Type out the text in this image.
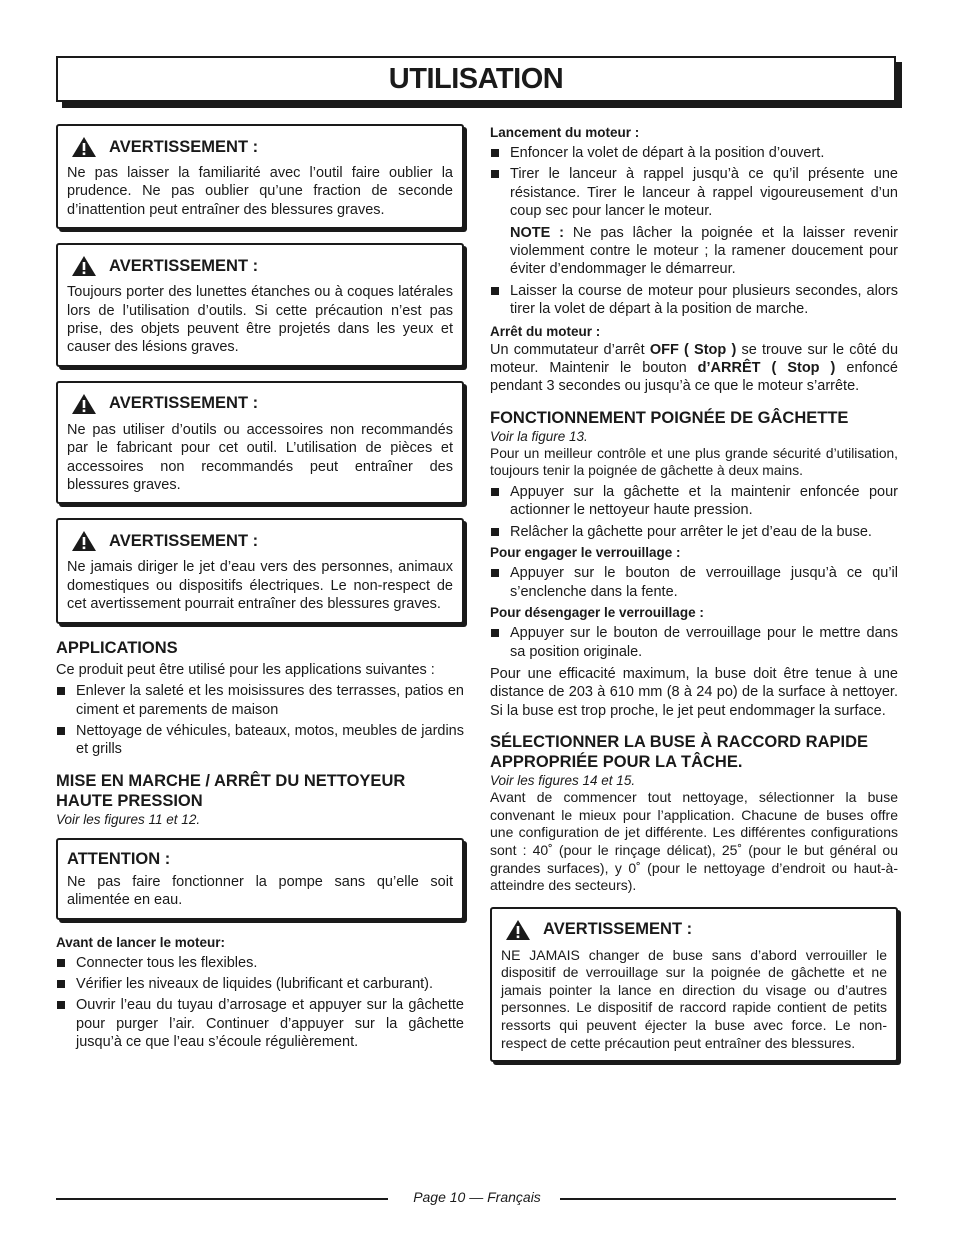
UTILISATION
AVERTISSEMENT :

Ne pas laisser la familiarité avec l’outil faire oublier la prudence. Ne pas oublier qu’une fraction de seconde d’inattention peut entraîner des blessures graves.

AVERTISSEMENT :

Toujours porter des lunettes étanches ou à coques latérales lors de l’utilisation d’outils. Si cette précaution n’est pas prise, des objets peuvent être projetés dans les yeux et causer des lésions graves.

AVERTISSEMENT :

Ne pas utiliser d’outils ou accessoires non recommandés par le fabricant pour cet outil. L’utilisation de pièces et accessoires non recommandés peut entraîner des blessures graves.

AVERTISSEMENT :

Ne jamais diriger le jet d’eau vers des personnes, animaux domestiques ou dispositifs électriques. Le non-respect de cet avertissement pourrait entraîner des blessures graves.

APPLICATIONS

Ce produit peut être utilisé pour les applications suivantes :

Enlever la saleté et les moisissures des terrasses, patios en ciment et parements de maison
Nettoyage de véhicules, bateaux, motos, meubles de jardins et grills
MISE EN MARCHE / ARRÊT DU NETTOYEUR HAUTE PRESSION

Voir les figures 11 et 12.

ATTENTION :

Ne pas faire fonctionner la pompe sans qu’elle soit alimentée en eau.

Avant de lancer le moteur:

Connecter tous les flexibles.
Vérifier les niveaux de liquides (lubrificant et carburant).
Ouvrir l’eau du tuyau d’arrosage et appuyer sur la gâchette pour purger l’air. Continuer d’appuyer sur la gâchette jusqu’à ce que l’eau s’écoule régulièrement.

Lancement du moteur :

Enfoncer la volet de départ à la position d’ouvert.
Tirer le lanceur à rappel jusqu’à ce qu’il présente une résistance. Tirer le lanceur à rappel vigoureusement d’un coup sec pour lancer le moteur.

NOTE : Ne pas lâcher la poignée et la laisser revenir violemment contre le moteur ; la ramener doucement pour éviter d’endommager le démarreur.

Laisser la course de moteur pour plusieurs secondes, alors tirer la volet de départ à la position de marche.

Arrêt du moteur :

Un commutateur d’arrêt OFF ( Stop ) se trouve sur le côté du moteur. Maintenir le bouton d’ARRÊT ( Stop ) enfoncé pendant 3 secondes ou jusqu’à ce que le moteur s’arrête.

FONCTIONNEMENT POIGNÉE DE GÂCHETTE

Voir la figure 13.

Pour un meilleur contrôle et une plus grande sécurité d’utilisation, toujours tenir la poignée de gâchette à deux mains.

Appuyer sur la gâchette et la maintenir enfoncée pour actionner le nettoyeur haute pression.
Relâcher la gâchette pour arrêter le jet d’eau de la buse.

Pour engager le verrouillage :

Appuyer sur le bouton de verrouillage jusqu’à ce qu’il s’enclenche dans la fente.

Pour désengager le verrouillage :

Appuyer sur le bouton de verrouillage pour le mettre dans sa position originale.

Pour une efficacité maximum, la buse doit être tenue à une distance de 203 à 610 mm (8 à 24 po) de la surface à nettoyer. Si la buse est trop proche, le jet peut endommager la surface.

SÉLECTIONNER LA BUSE À RACCORD RAPIDE APPROPRIÉE POUR LA TÂCHE.

Voir les figures 14 et 15.

Avant de commencer tout nettoyage, sélectionner la buse convenant le mieux pour l’application. Chacune de buses offre une configuration de jet différente. Les différentes configurations sont : 40˚ (pour le rinçage délicat), 25˚ (pour le but général ou grandes surfaces), y 0˚ (pour le nettoyage d’endroit ou haut-à-atteindre des secteurs).

AVERTISSEMENT :

NE JAMAIS changer de buse sans d’abord verrouiller le dispositif de verrouillage sur la poignée de gâchette et ne jamais pointer la lance en direction du visage ou d’autres personnes. Le dispositif de raccord rapide contient de petits ressorts qui peuvent éjecter la buse avec force. Le non-respect de cette précaution peut entraîner des blessures.

Page 10 — Français
